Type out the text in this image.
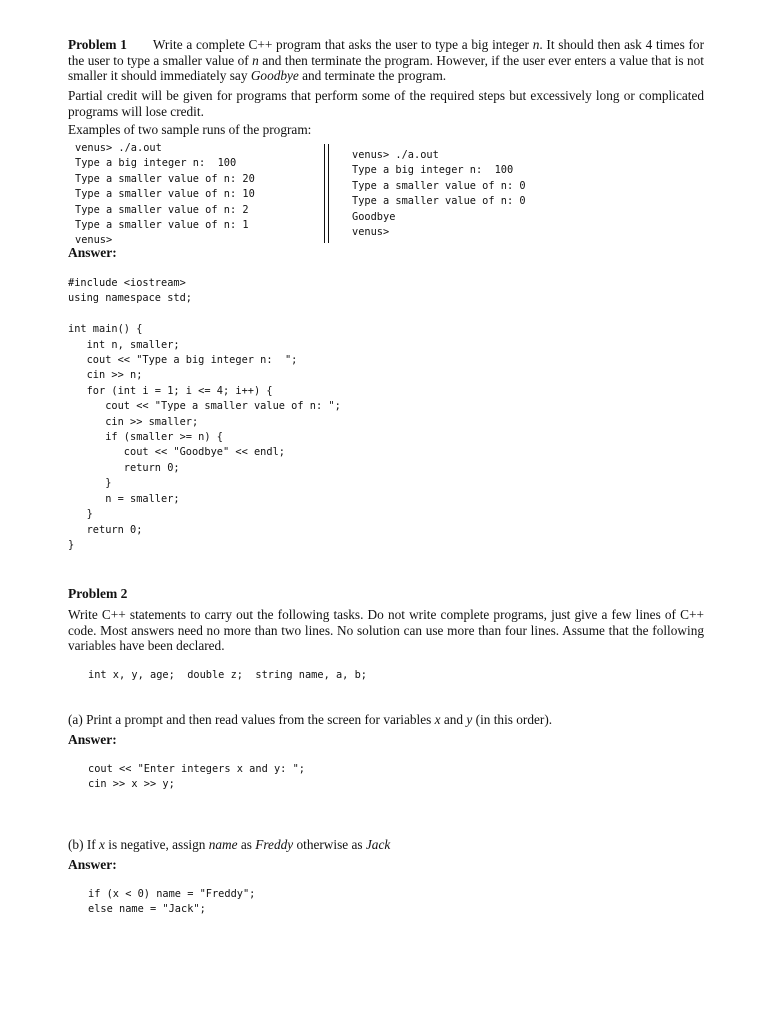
Problem 1 Write a complete C++ program that asks the user to type a big integer n. It should then ask 4 times for the user to type a smaller value of n and then terminate the program. However, if the user ever enters a value that is not smaller it should immediately say Goodbye and terminate the program.

Partial credit will be given for programs that perform some of the required steps but excessively long or complicated programs will lose credit.

Examples of two sample runs of the program:

venus> ./a.out
Type a big integer n:  100
Type a smaller value of n: 20
Type a smaller value of n: 10
Type a smaller value of n: 2
Type a smaller value of n: 1
venus>
venus> ./a.out
Type a big integer n:  100
Type a smaller value of n: 0
Type a smaller value of n: 0
Goodbye
venus>

Answer:

#include <iostream>
using namespace std;

int main() {
int n, smaller;
cout << "Type a big integer n:  ";
cin >> n;
for (int i = 1; i <= 4; i++) {
cout << "Type a smaller value of n: ";
cin >> smaller;
if (smaller >= n) {
cout << "Goodbye" << endl;
return 0;
}
n = smaller;
}
return 0;
}

Problem 2

Write C++ statements to carry out the following tasks. Do not write complete programs, just give a few lines of C++ code. Most answers need no more than two lines. No solution can use more than four lines. Assume that the following variables have been declared.

int x, y, age;  double z;  string name, a, b;

(a) Print a prompt and then read values from the screen for variables x and y (in this order).

Answer:

cout << "Enter integers x and y: ";
cin >> x >> y;

(b) If x is negative, assign name as Freddy otherwise as Jack

Answer:

if (x < 0) name = "Freddy";
else name = "Jack";
